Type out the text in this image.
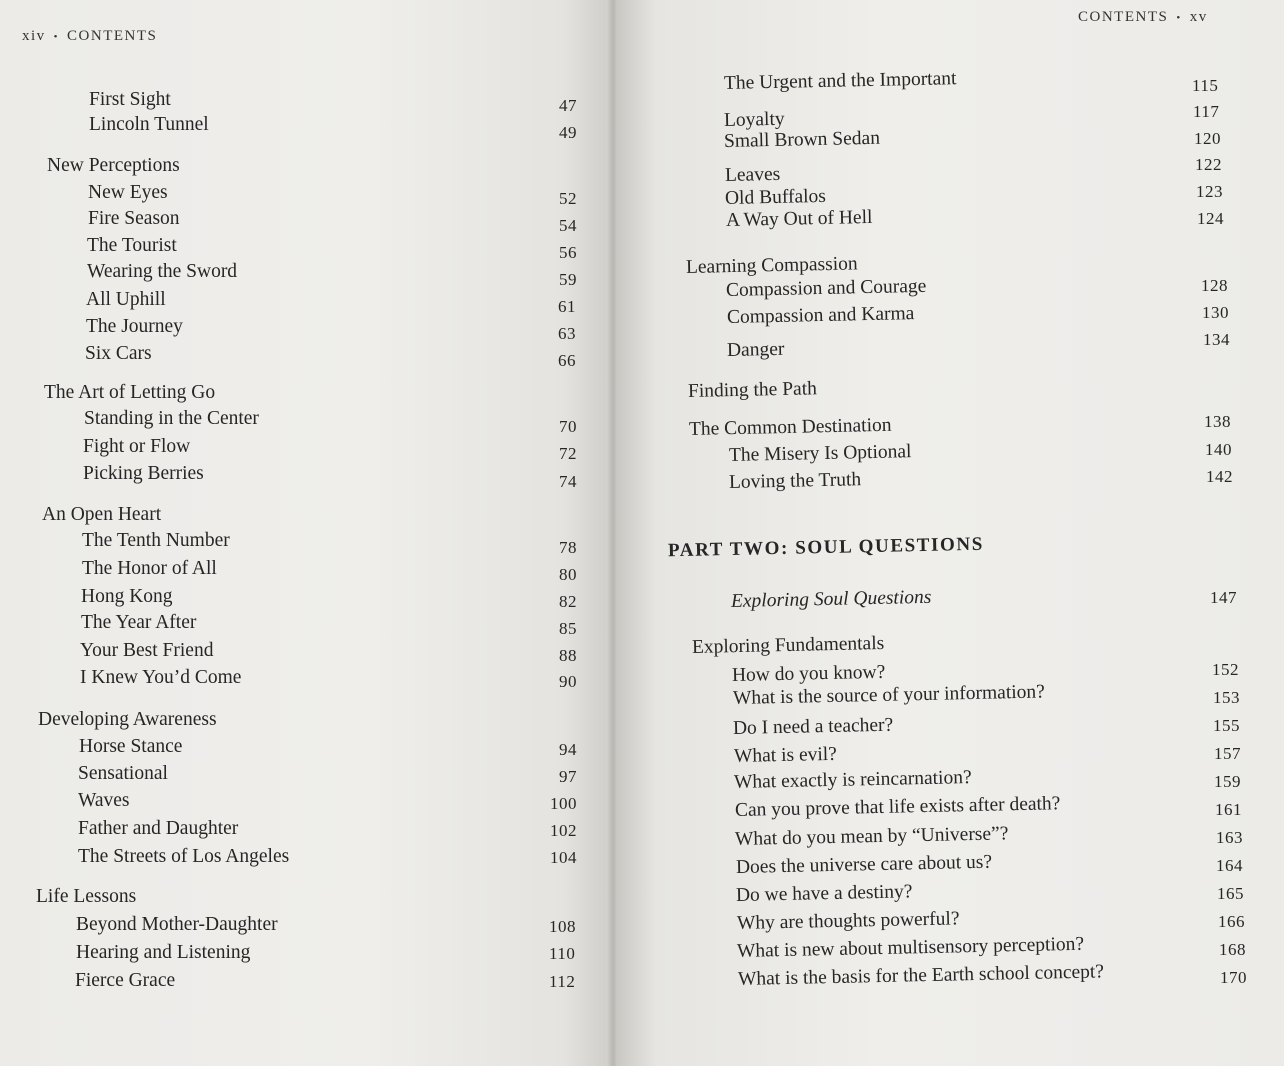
xiv • CONTENTS
First Sight	47
Lincoln Tunnel	49
New Perceptions
New Eyes	52
Fire Season	54
The Tourist	56
Wearing the Sword	59
All Uphill	61
The Journey	63
Six Cars	66
The Art of Letting Go
Standing in the Center	70
Fight or Flow	72
Picking Berries	74
An Open Heart
The Tenth Number	78
The Honor of All	80
Hong Kong	82
The Year After	85
Your Best Friend	88
I Knew You’d Come	90
Developing Awareness
Horse Stance	94
Sensational	97
Waves	100
Father and Daughter	102
The Streets of Los Angeles	104
Life Lessons
Beyond Mother-Daughter	108
Hearing and Listening	110
Fierce Grace	112
CONTENTS • xv
PART TWO: SOUL QUESTIONS
The Urgent and the Important	115
Loyalty	117
Small Brown Sedan	120
Leaves	122
Old Buffalos	123
A Way Out of Hell	124
Learning Compassion
Compassion and Courage	128
Compassion and Karma	130
Danger	134
Finding the Path
The Common Destination	138
The Misery Is Optional	140
Loving the Truth	142
Exploring Soul Questions	147
Exploring Fundamentals
How do you know?	152
What is the source of your information?	153
Do I need a teacher?	155
What is evil?	157
What exactly is reincarnation?	159
Can you prove that life exists after death?	161
What do you mean by “Universe”?	163
Does the universe care about us?	164
Do we have a destiny?	165
Why are thoughts powerful?	166
What is new about multisensory perception?	168
What is the basis for the Earth school concept?	170
